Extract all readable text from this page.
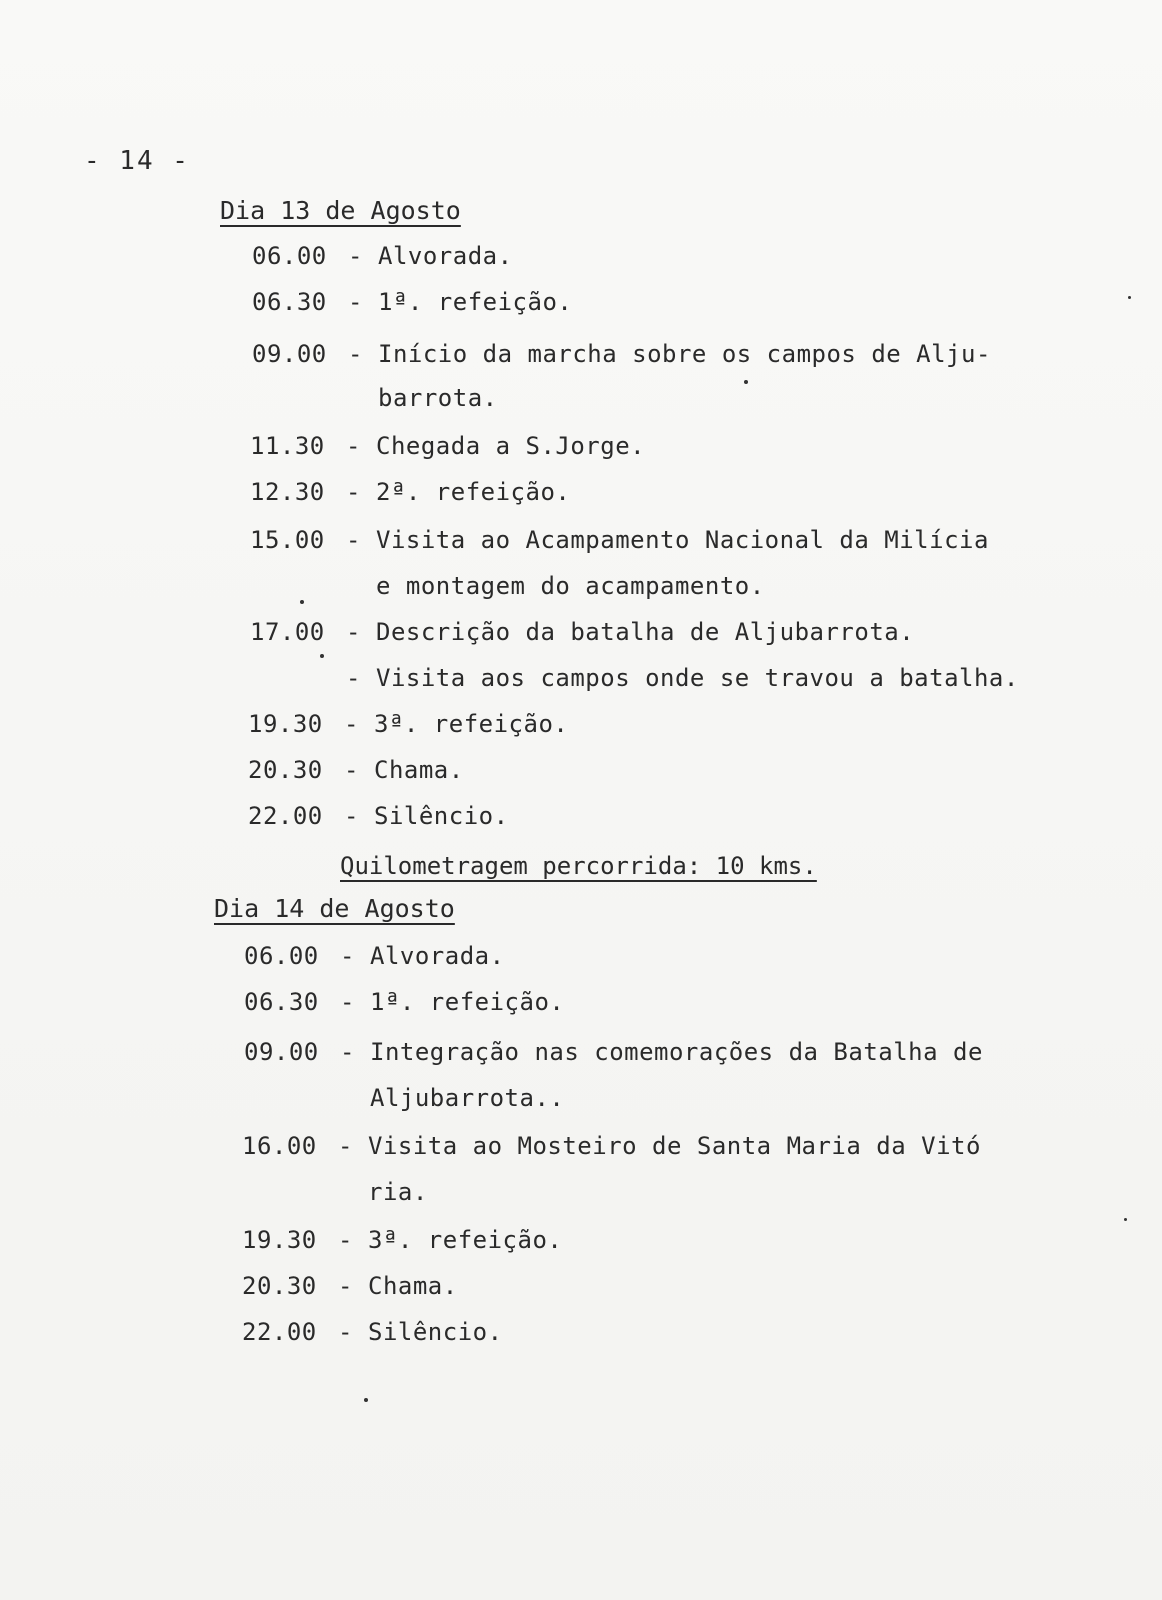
- 14 -
Dia 13 de Agosto
06.00 - Alvorada.
06.30 - 1ª. refeição.
09.00 - Início da marcha sobre os campos de Alju-
barrota.
11.30 - Chegada a S.Jorge.
12.30 - 2ª. refeição.
15.00 - Visita ao Acampamento Nacional da Milícia
e montagem do acampamento.
17.00 - Descrição da batalha de Aljubarrota.
- Visita aos campos onde se travou a batalha.
19.30 - 3ª. refeição.
20.30 - Chama.
22.00 - Silêncio.
Quilometragem percorrida: 10 kms.
Dia 14 de Agosto
06.00 - Alvorada.
06.30 - 1ª. refeição.
09.00 - Integração nas comemorações da Batalha de
Aljubarrota..
16.00 - Visita ao Mosteiro de Santa Maria da Vitó
ria.
19.30 - 3ª. refeição.
20.30 - Chama.
22.00 - Silêncio.
